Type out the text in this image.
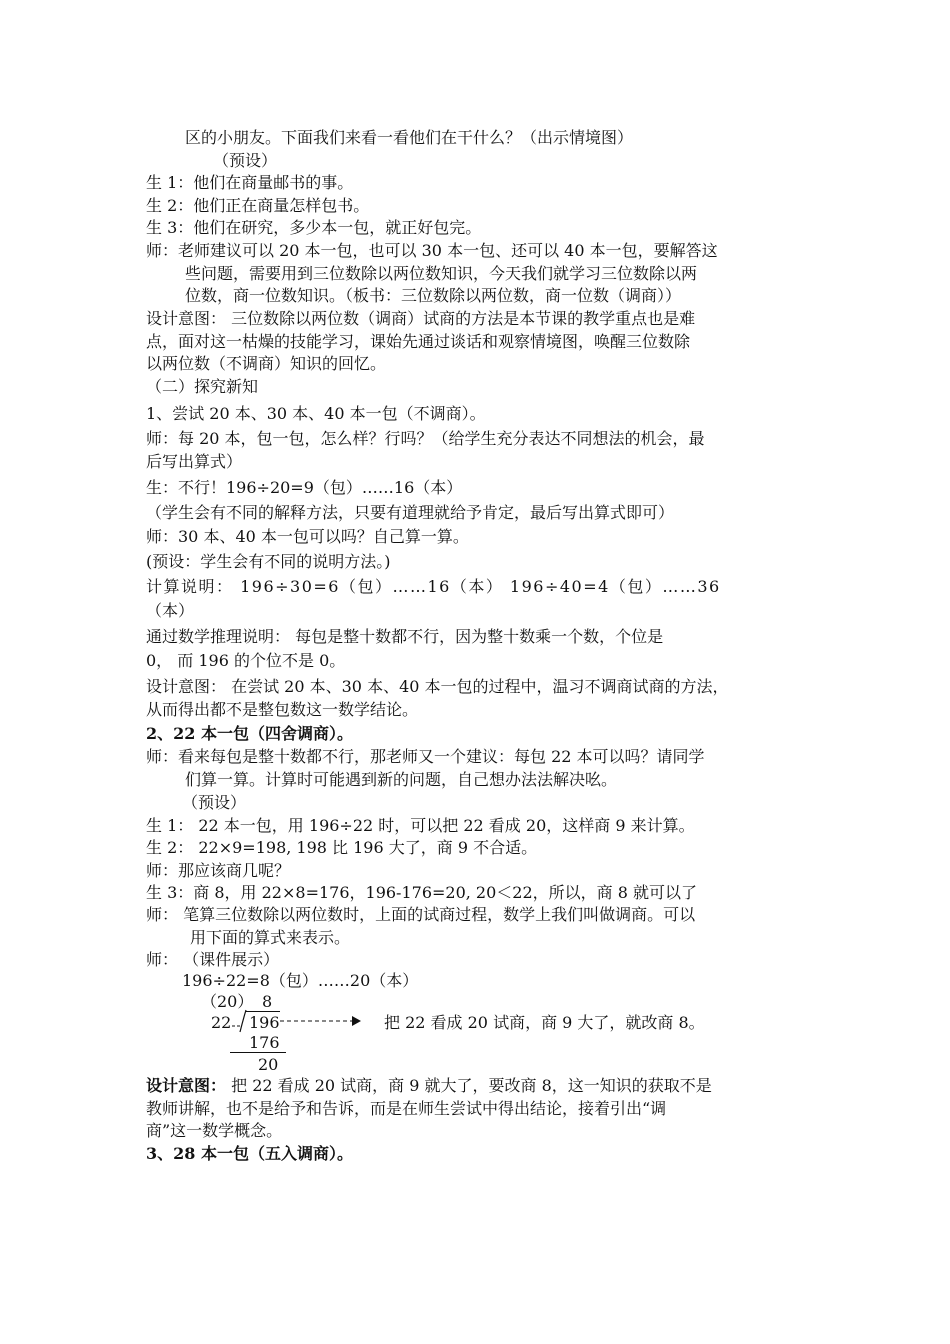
区的小朋友。下面我们来看一看他们在干什么？（出示情境图）
（预设）
生 1：他们在商量邮书的事。
生 2：他们正在商量怎样包书。
生 3：他们在研究，多少本一包，就正好包完。
师：老师建议可以 20 本一包，也可以 30 本一包、还可以 40 本一包，要解答这
些问题，需要用到三位数除以两位数知识，今天我们就学习三位数除以两
位数，商一位数知识。（板书：三位数除以两位数，商一位数（调商））
设计意图： 三位数除以两位数（调商）试商的方法是本节课的教学重点也是难
点，面对这一枯燥的技能学习，课始先通过谈话和观察情境图，唤醒三位数除
以两位数（不调商）知识的回忆。
（二）探究新知
1、尝试 20 本、30 本、40 本一包（不调商）。
师：每 20 本，包一包，怎么样？行吗？（给学生充分表达不同想法的机会，最
后写出算式）
生：不行！196÷20=9（包）……16（本）
（学生会有不同的解释方法，只要有道理就给予肯定，最后写出算式即可）
师：30 本、40 本一包可以吗？自己算一算。
(预设：学生会有不同的说明方法。)
计算说明： 196÷30=6（包）……16（本） 196÷40=4（包）……36
（本）
通过数学推理说明： 每包是整十数都不行，因为整十数乘一个数，个位是
0， 而 196 的个位不是 0。
设计意图： 在尝试 20 本、30 本、40 本一包的过程中，温习不调商试商的方法，
从而得出都不是整包数这一数学结论。
2、22 本一包（四舍调商）。
师：看来每包是整十数都不行，那老师又一个建议：每包 22 本可以吗？请同学
们算一算。计算时可能遇到新的问题，自己想办法法解决吆。
（预设）
生 1： 22 本一包，用 196÷22 时，可以把 22 看成 20，这样商 9 来计算。
生 2： 22×9=198, 198 比 196 大了，商 9 不合适。
师：那应该商几呢？
生 3：商 8，用 22×8=176，196-176=20, 20＜22，所以，商 8 就可以了
师： 笔算三位数除以两位数时，上面的试商过程，数学上我们叫做调商。可以
用下面的算式来表示。
师： （课件展示）
196÷22=8（包）……20（本）
（20） 8
22 196	把 22 看成 20 试商，商 9 大了，就改商 8。
176
20
设计意图： 把 22 看成 20 试商，商 9 就大了，要改商 8，这一知识的获取不是
教师讲解，也不是给予和告诉，而是在师生尝试中得出结论，接着引出“调
商”这一数学概念。
3、28 本一包（五入调商）。
